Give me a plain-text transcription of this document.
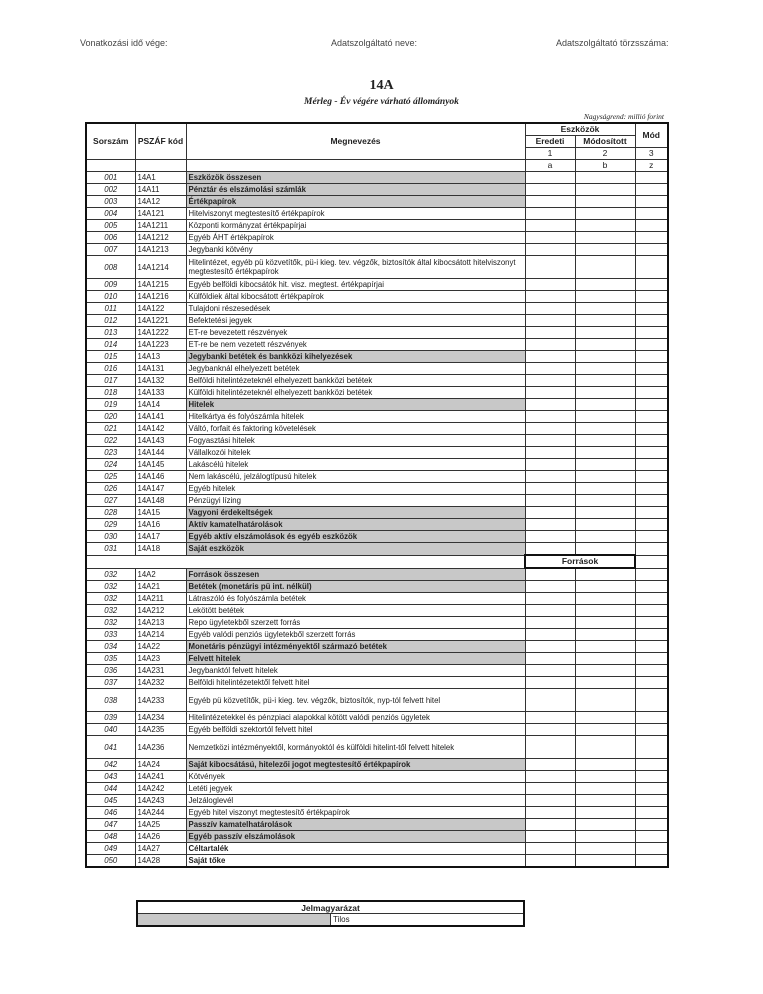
Vonatkozási idő vége:	Adatszolgáltató neve:	Adatszolgáltató törzsszáma:
14A
Mérleg - Év végére várható állományok
Nagyságrend: millió forint
Sorszám	PSZÁF kód	Megnevezés	Eszközök		Mód
			Eredeti	Módosított	
			1	2	3
			a	b	z
001	14A1	Eszközök összesen			
002	14A11	Pénztár és elszámolási számlák			
003	14A12	Értékpapírok			
004	14A121	Hitelviszonyt megtestesítő értékpapírok			
005	14A1211	Központi kormányzat értékpapírjai			
006	14A1212	Egyéb ÁHT értékpapírok			
007	14A1213	Jegybanki kötvény			
008	14A1214	Hitelintézet, egyéb pü közvetítők, pü-i kieg. tev. végzők, biztosítók által kibocsátott hitelviszonyt megtestesítő értékpapírok			
009	14A1215	Egyéb belföldi kibocsátók hit. visz. megtest. értékpapírjai			
010	14A1216	Külföldiek által kibocsátott értékpapírok			
011	14A122	Tulajdoni részesedések			
012	14A1221	Befektetési jegyek			
013	14A1222	ET-re bevezetett részvények			
014	14A1223	ET-re be nem vezetett részvények			
015	14A13	Jegybanki betétek és bankközi kihelyezések			
016	14A131	Jegybanknál elhelyezett betétek			
017	14A132	Belföldi hitelintézeteknél elhelyezett bankközi betétek			
018	14A133	Külföldi hitelintézeteknél elhelyezett bankközi betétek			
019	14A14	Hitelek			
020	14A141	Hitelkártya és folyószámla hitelek			
021	14A142	Váltó, forfait és faktoring követelések			
022	14A143	Fogyasztási hitelek			
023	14A144	Vállalkozói hitelek			
024	14A145	Lakáscélú hitelek			
025	14A146	Nem lakáscélú, jelzálogtípusú hitelek			
026	14A147	Egyéb hitelek			
027	14A148	Pénzügyi lízing			
028	14A15	Vagyoni érdekeltségek			
029	14A16	Aktív kamatelhatárolások			
030	14A17	Egyéb aktív elszámolások és egyéb eszközök			
031	14A18	Saját eszközök			
			Források		
032	14A2	Források összesen			
032	14A21	Betétek (monetáris pü int. nélkül)			
032	14A211	Látraszóló és folyószámla betétek			
032	14A212	Lekötött betétek			
032	14A213	Repo ügyletekből szerzett forrás			
033	14A214	Egyéb valódi penziós ügyletekből szerzett forrás			
034	14A22	Monetáris pénzügyi intézményektől származó betétek			
035	14A23	Felvett hitelek			
036	14A231	Jegybanktól felvett hitelek			
037	14A232	Belföldi hitelintézetektől felvett hitel			
038	14A233	Egyéb pü közvetítők, pü-i kieg. tev. végzők, biztosítók, nyp-tól felvett hitel			
039	14A234	Hitelintézetekkel és pénzpiaci alapokkal kötött valódi penziós ügyletek			
040	14A235	Egyéb belföldi szektortól felvett hitel			
041	14A236	Nemzetközi intézményektől, kormányoktól és külföldi hitelint-től felvett hitelek			
042	14A24	Saját kibocsátású, hitelezői jogot megtestesítő értékpapírok			
043	14A241	Kötvények			
044	14A242	Letéti jegyek			
045	14A243	Jelzáloglevél			
046	14A244	Egyéb hitel viszonyt megtestesítő értékpapírok			
047	14A25	Passzív kamatelhatárolások			
048	14A26	Egyéb passzív elszámolások			
049	14A27	Céltartalék			
050	14A28	Saját tőke			
Jelmagyarázat
	Tilos
